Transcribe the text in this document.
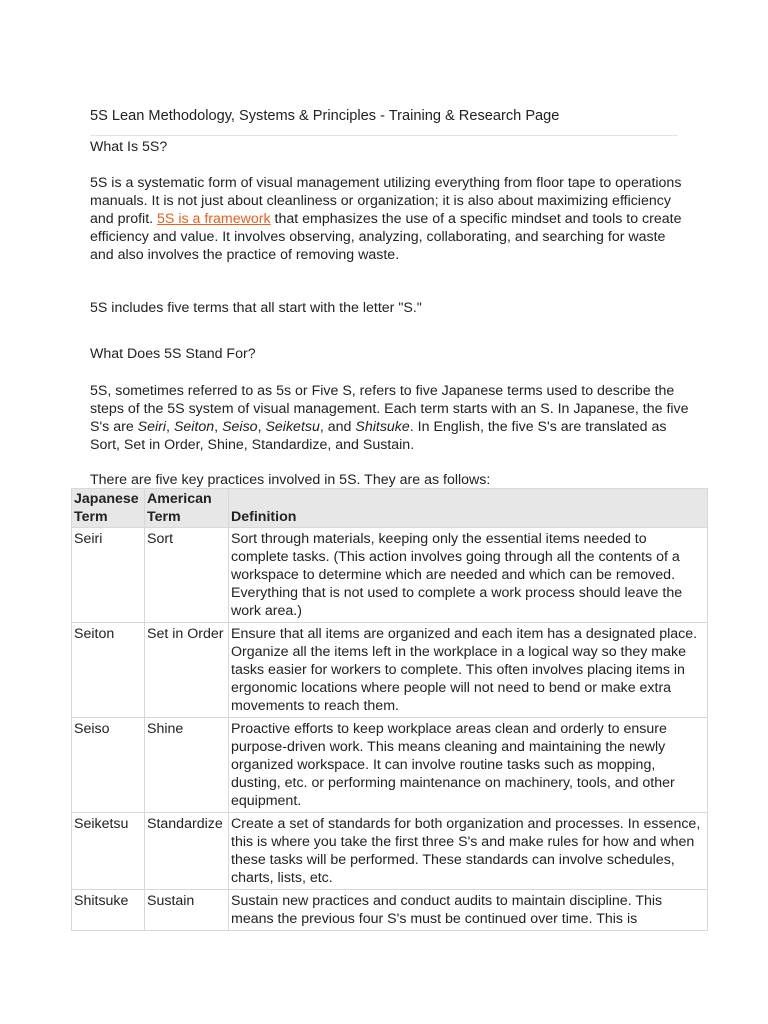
5S Lean Methodology, Systems & Principles - Training & Research Page

What Is 5S?

5S is a systematic form of visual management utilizing everything from floor tape to operations manuals. It is not just about cleanliness or organization; it is also about maximizing efficiency and profit. 5S is a framework that emphasizes the use of a specific mindset and tools to create efficiency and value. It involves observing, analyzing, collaborating, and searching for waste and also involves the practice of removing waste.

5S includes five terms that all start with the letter "S."

What Does 5S Stand For?

5S, sometimes referred to as 5s or Five S, refers to five Japanese terms used to describe the steps of the 5S system of visual management. Each term starts with an S. In Japanese, the five S's are Seiri, Seiton, Seiso, Seiketsu, and Shitsuke. In English, the five S's are translated as Sort, Set in Order, Shine, Standardize, and Sustain.

There are five key practices involved in 5S. They are as follows:

Japanese Term	American Term	Definition
Seiri	Sort	Sort through materials, keeping only the essential items needed to complete tasks. (This action involves going through all the contents of a workspace to determine which are needed and which can be removed. Everything that is not used to complete a work process should leave the work area.)
Seiton	Set in Order	Ensure that all items are organized and each item has a designated place. Organize all the items left in the workplace in a logical way so they make tasks easier for workers to complete. This often involves placing items in ergonomic locations where people will not need to bend or make extra movements to reach them.
Seiso	Shine	Proactive efforts to keep workplace areas clean and orderly to ensure purpose-driven work. This means cleaning and maintaining the newly organized workspace. It can involve routine tasks such as mopping, dusting, etc. or performing maintenance on machinery, tools, and other equipment.
Seiketsu	Standardize	Create a set of standards for both organization and processes. In essence, this is where you take the first three S's and make rules for how and when these tasks will be performed. These standards can involve schedules, charts, lists, etc.
Shitsuke	Sustain	Sustain new practices and conduct audits to maintain discipline. This means the previous four S's must be continued over time. This is
